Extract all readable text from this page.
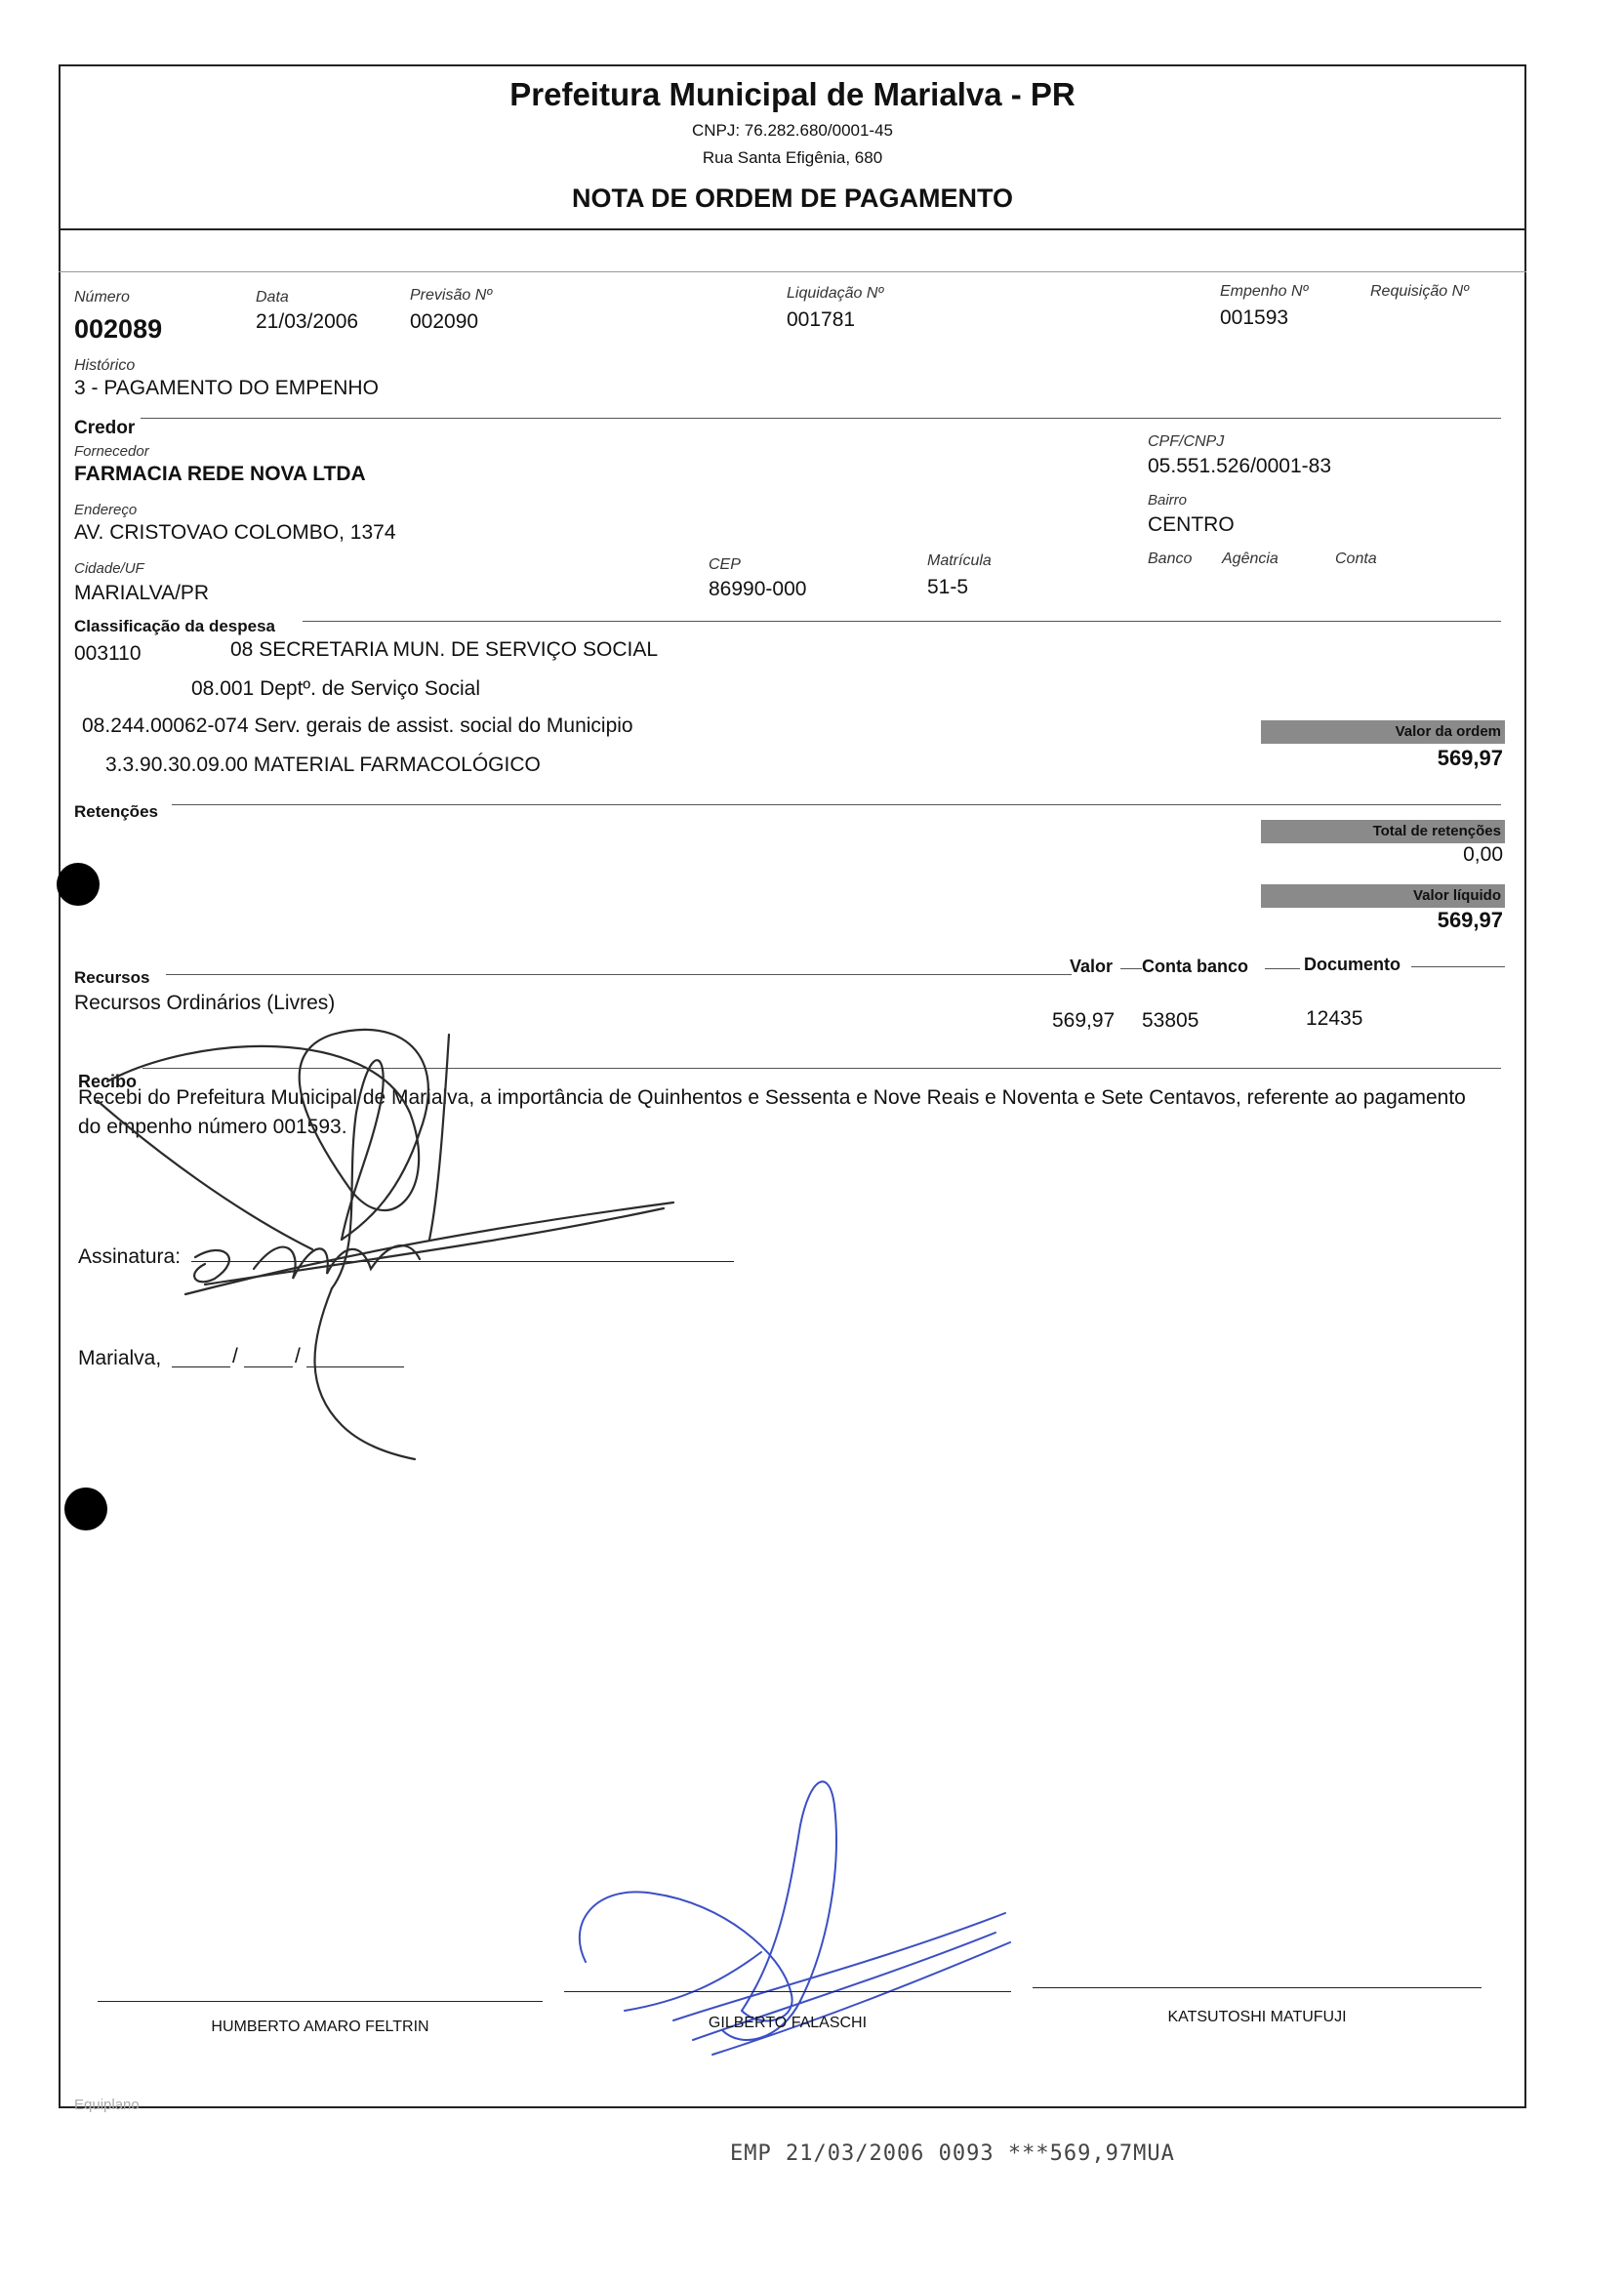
Prefeitura Municipal de Marialva - PR
CNPJ: 76.282.680/0001-45
Rua Santa Efigênia, 680
NOTA DE ORDEM DE PAGAMENTO
Número
002089
Data
21/03/2006
Previsão Nº
002090
Liquidação Nº
001781
Empenho Nº
001593
Requisição Nº
Histórico
3 - PAGAMENTO DO EMPENHO
Credor
Fornecedor
FARMACIA REDE NOVA LTDA
CPF/CNPJ
05.551.526/0001-83
Endereço
AV. CRISTOVAO COLOMBO, 1374
Bairro
CENTRO
Cidade/UF
MARIALVA/PR
CEP
86990-000
Matrícula
51-5
Banco Agência	Conta
Classificação da despesa
003110	08 SECRETARIA MUN. DE SERVIÇO SOCIAL
08.001 Deptº. de Serviço Social
08.244.00062-074 Serv. gerais de assist. social do Municipio
3.3.90.30.09.00 MATERIAL FARMACOLÓGICO
Valor da ordem
569,97
Total de retenções
0,00
Valor líquido
569,97
Retenções
Recursos
Valor Conta banco	Documento
Recursos Ordinários (Livres)
569,97 53805	12435
Recibo
Recebi do Prefeitura Municipal de Marialva, a importância de Quinhentos e Sessenta e Nove Reais e Noventa e Sete Centavos, referente ao pagamento do empenho número 001593.
Assinatura:
Marialva,	/	/
HUMBERTO AMARO FELTRIN	GILBERTO FALASCHI	KATSUTOSHI MATUFUJI
Equiplano
EMP 21/03/2006 0093 ***569,97MUA
